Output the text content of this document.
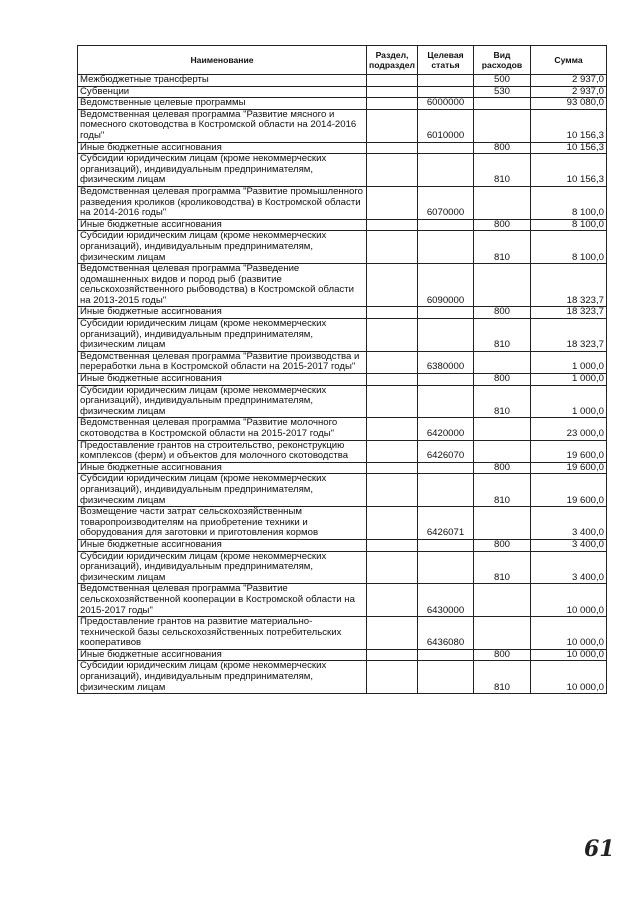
Наименование	Раздел, подраздел	Целевая статья	Вид расходов	Сумма
Межбюджетные трансферты			500	2 937,0
Субвенции			530	2 937,0
Ведомственные целевые программы		6000000		93 080,0
Ведомственная целевая программа "Развитие мясного и помесного скотоводства в Костромской области на 2014-2016 годы"		6010000		10 156,3
Иные бюджетные ассигнования			800	10 156,3
Субсидии юридическим лицам (кроме некоммерческих организаций), индивидуальным предпринимателям, физическим лицам			810	10 156,3
Ведомственная целевая программа "Развитие промышленного разведения кроликов (кролиководства) в Костромской области на 2014-2016 годы"		6070000		8 100,0
Иные бюджетные ассигнования			800	8 100,0
Субсидии юридическим лицам (кроме некоммерческих организаций), индивидуальным предпринимателям, физическим лицам			810	8 100,0
Ведомственная целевая программа "Разведение одомашненных видов и пород рыб (развитие сельскохозяйственного рыбоводства) в Костромской области на 2013-2015 годы"		6090000		18 323,7
Иные бюджетные ассигнования			800	18 323,7
Субсидии юридическим лицам (кроме некоммерческих организаций), индивидуальным предпринимателям, физическим лицам			810	18 323,7
Ведомственная целевая программа "Развитие производства и переработки льна в Костромской области на 2015-2017 годы"		6380000		1 000,0
Иные бюджетные ассигнования			800	1 000,0
Субсидии юридическим лицам (кроме некоммерческих организаций), индивидуальным предпринимателям, физическим лицам			810	1 000,0
Ведомственная целевая программа "Развитие молочного скотоводства в Костромской области на 2015-2017 годы"		6420000		23 000,0
Предоставление грантов на строительство, реконструкцию комплексов (ферм) и объектов для молочного скотоводства		6426070		19 600,0
Иные бюджетные ассигнования			800	19 600,0
Субсидии юридическим лицам (кроме некоммерческих организаций), индивидуальным предпринимателям, физическим лицам			810	19 600,0
Возмещение части затрат сельскохозяйственным товаропроизводителям на приобретение техники и оборудования для заготовки и приготовления кормов		6426071		3 400,0
Иные бюджетные ассигнования			800	3 400,0
Субсидии юридическим лицам (кроме некоммерческих организаций), индивидуальным предпринимателям, физическим лицам			810	3 400,0
Ведомственная целевая программа "Развитие сельскохозяйственной кооперации в Костромской области на 2015-2017 годы"		6430000		10 000,0
Предоставление грантов на развитие материально-технической базы сельскохозяйственных потребительских кооперативов		6436080		10 000,0
Иные бюджетные ассигнования			800	10 000,0
Субсидии юридическим лицам (кроме некоммерческих организаций), индивидуальным предпринимателям, физическим лицам			810	10 000,0
61
